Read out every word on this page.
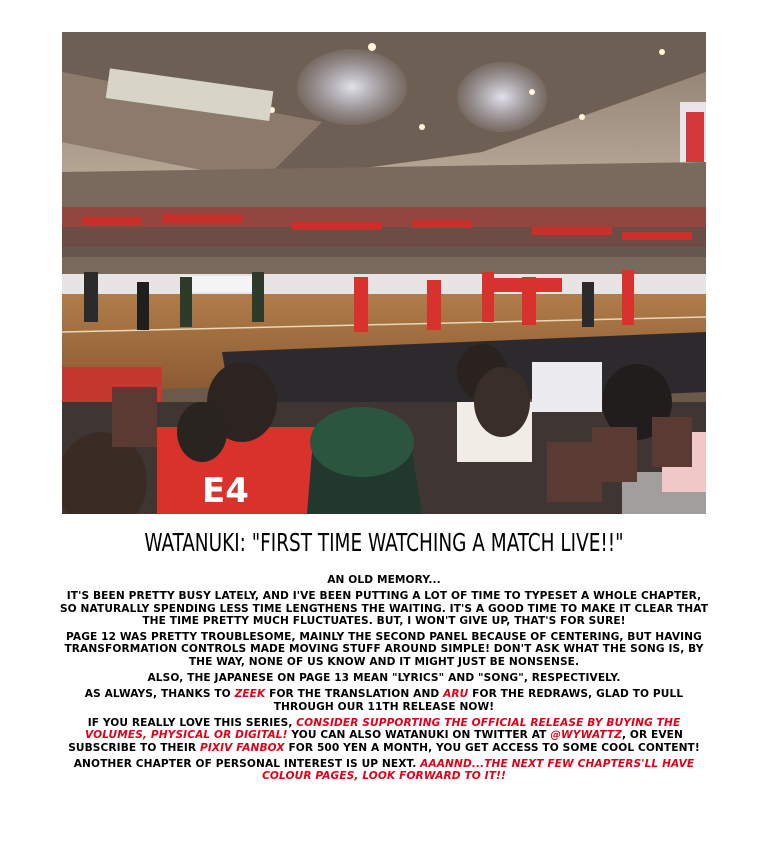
E4
WATANUKI: "FIRST TIME WATCHING A MATCH LIVE!!"

AN OLD MEMORY...

IT'S BEEN PRETTY BUSY LATELY, AND I'VE BEEN PUTTING A LOT OF TIME TO TYPESET A WHOLE CHAPTER, SO NATURALLY SPENDING LESS TIME LENGTHENS THE WAITING. IT'S A GOOD TIME TO MAKE IT CLEAR THAT THE TIME PRETTY MUCH FLUCTUATES. BUT, I WON'T GIVE UP, THAT'S FOR SURE!

PAGE 12 WAS PRETTY TROUBLESOME, MAINLY THE SECOND PANEL BECAUSE OF CENTERING, BUT HAVING TRANSFORMATION CONTROLS MADE MOVING STUFF AROUND SIMPLE! DON'T ASK WHAT THE SONG IS, BY THE WAY, NONE OF US KNOW AND IT MIGHT JUST BE NONSENSE.

ALSO, THE JAPANESE ON PAGE 13 MEAN "LYRICS" AND "SONG", RESPECTIVELY.

AS ALWAYS, THANKS TO ZEEK FOR THE TRANSLATION AND ARU FOR THE REDRAWS, GLAD TO PULL THROUGH OUR 11TH RELEASE NOW!

IF YOU REALLY LOVE THIS SERIES, CONSIDER SUPPORTING THE OFFICIAL RELEASE BY BUYING THE VOLUMES, PHYSICAL OR DIGITAL! YOU CAN ALSO WATANUKI ON TWITTER AT @WYWATTZ, OR EVEN SUBSCRIBE TO THEIR PIXIV FANBOX FOR 500 YEN A MONTH, YOU GET ACCESS TO SOME COOL CONTENT!

ANOTHER CHAPTER OF PERSONAL INTEREST IS UP NEXT. AAANND...THE NEXT FEW CHAPTERS'LL HAVE COLOUR PAGES, LOOK FORWARD TO IT!!
